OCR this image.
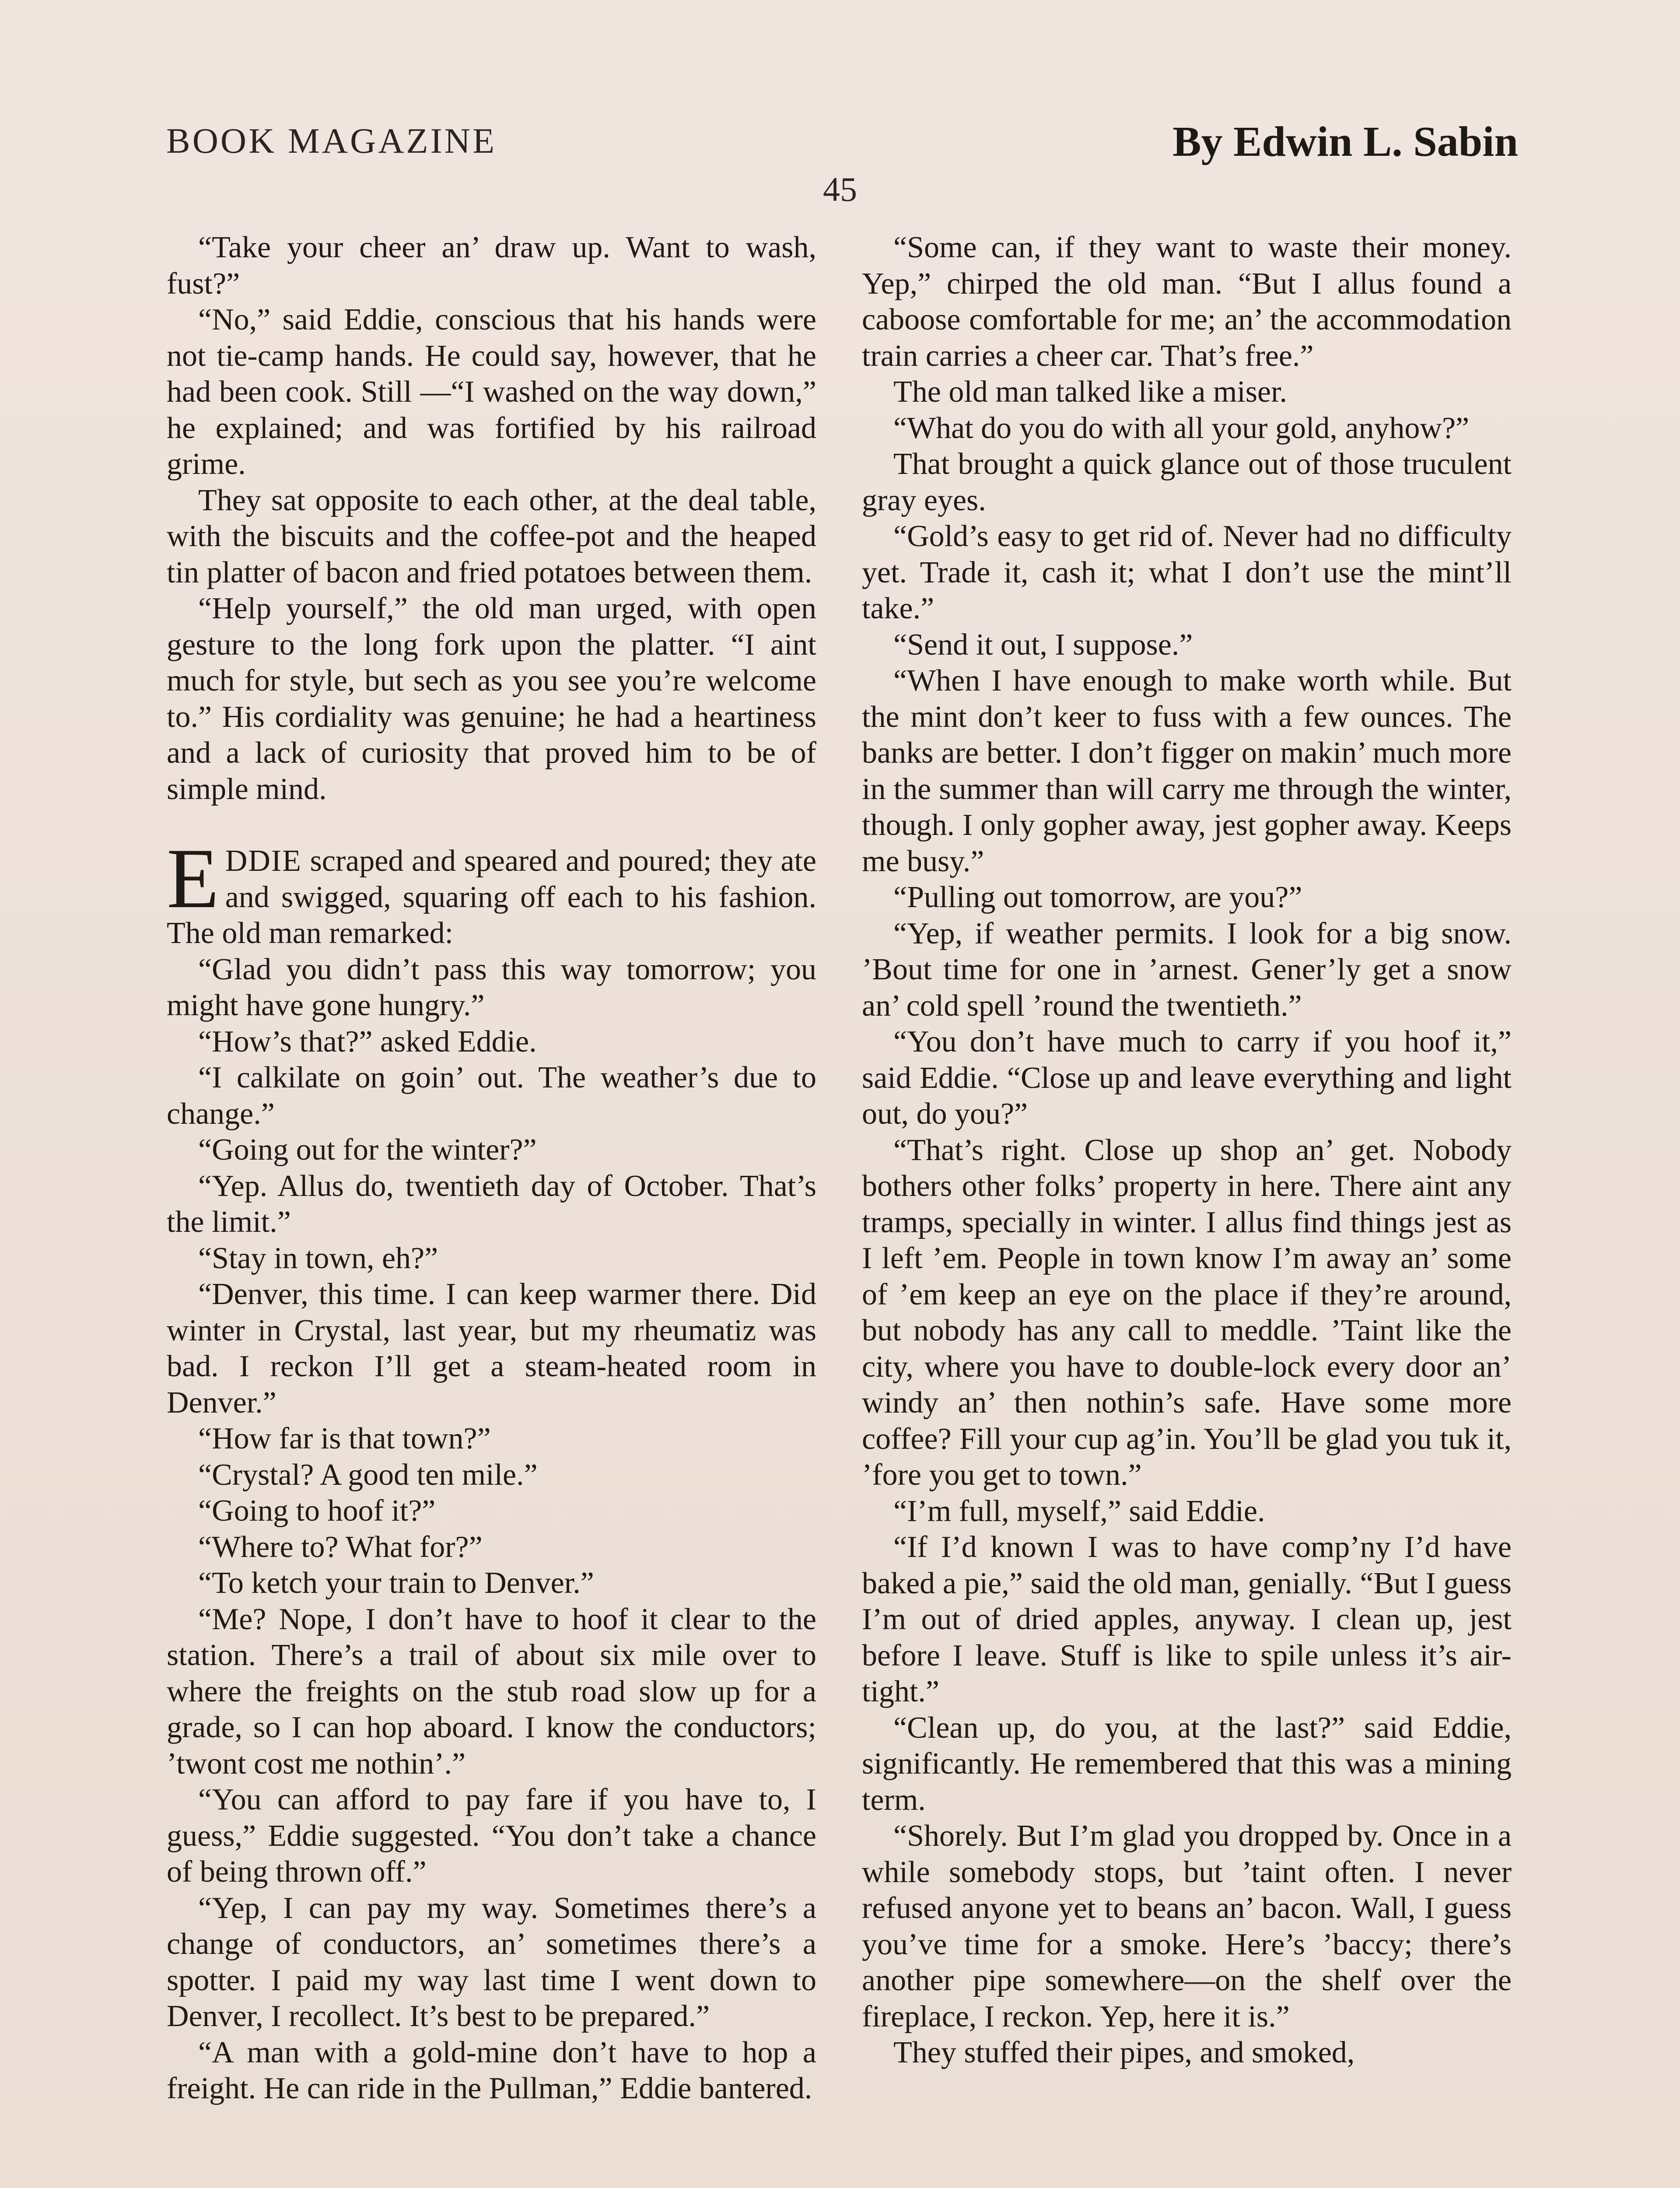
BOOK MAGAZINE	By Edwin L. Sabin
45

“Take your cheer an’ draw up. Want to wash, fust?”

“No,” said Eddie, conscious that his hands were not tie-camp hands. He could say, however, that he had been cook. Still —“I washed on the way down,” he explained; and was fortified by his railroad grime.

They sat opposite to each other, at the deal table, with the biscuits and the coffee-pot and the heaped tin platter of bacon and fried potatoes between them.

“Help yourself,” the old man urged, with open gesture to the long fork upon the platter. “I aint much for style, but sech as you see you’re welcome to.” His cordiality was genuine; he had a heartiness and a lack of curiosity that proved him to be of simple mind.

EDDIE scraped and speared and poured; they ate and swigged, squaring off each to his fashion. The old man remarked:

“Glad you didn’t pass this way tomorrow; you might have gone hungry.”

“How’s that?” asked Eddie.

“I calkilate on goin’ out. The weather’s due to change.”

“Going out for the winter?”

“Yep. Allus do, twentieth day of October. That’s the limit.”

“Stay in town, eh?”

“Denver, this time. I can keep warmer there. Did winter in Crystal, last year, but my rheumatiz was bad. I reckon I’ll get a steam-heated room in Denver.”

“How far is that town?”

“Crystal? A good ten mile.”

“Going to hoof it?”

“Where to? What for?”

“To ketch your train to Denver.”

“Me? Nope, I don’t have to hoof it clear to the station. There’s a trail of about six mile over to where the freights on the stub road slow up for a grade, so I can hop aboard. I know the conductors; ’twont cost me nothin’.”

“You can afford to pay fare if you have to, I guess,” Eddie suggested. “You don’t take a chance of being thrown off.”

“Yep, I can pay my way. Sometimes there’s a change of conductors, an’ sometimes there’s a spotter. I paid my way last time I went down to Denver, I recollect. It’s best to be prepared.”

“A man with a gold-mine don’t have to hop a freight. He can ride in the Pullman,” Eddie bantered.

“Some can, if they want to waste their money. Yep,” chirped the old man. “But I allus found a caboose comfortable for me; an’ the accommodation train carries a cheer car. That’s free.”

The old man talked like a miser.

“What do you do with all your gold, anyhow?”

That brought a quick glance out of those truculent gray eyes.

“Gold’s easy to get rid of. Never had no difficulty yet. Trade it, cash it; what I don’t use the mint’ll take.”

“Send it out, I suppose.”

“When I have enough to make worth while. But the mint don’t keer to fuss with a few ounces. The banks are better. I don’t figger on makin’ much more in the summer than will carry me through the winter, though. I only gopher away, jest gopher away. Keeps me busy.”

“Pulling out tomorrow, are you?”

“Yep, if weather permits. I look for a big snow. ’Bout time for one in ’arnest. Gener’ly get a snow an’ cold spell ’round the twentieth.”

“You don’t have much to carry if you hoof it,” said Eddie. “Close up and leave everything and light out, do you?”

“That’s right. Close up shop an’ get. Nobody bothers other folks’ property in here. There aint any tramps, specially in winter. I allus find things jest as I left ’em. People in town know I’m away an’ some of ’em keep an eye on the place if they’re around, but nobody has any call to meddle. ’Taint like the city, where you have to double-lock every door an’ windy an’ then nothin’s safe. Have some more coffee? Fill your cup ag’in. You’ll be glad you tuk it, ’fore you get to town.”

“I’m full, myself,” said Eddie.

“If I’d known I was to have comp’ny I’d have baked a pie,” said the old man, genially. “But I guess I’m out of dried apples, anyway. I clean up, jest before I leave. Stuff is like to spile unless it’s air-tight.”

“Clean up, do you, at the last?” said Eddie, significantly. He remembered that this was a mining term.

“Shorely. But I’m glad you dropped by. Once in a while somebody stops, but ’taint often. I never refused anyone yet to beans an’ bacon. Wall, I guess you’ve time for a smoke. Here’s ’baccy; there’s another pipe somewhere—on the shelf over the fireplace, I reckon. Yep, here it is.”

They stuffed their pipes, and smoked,
